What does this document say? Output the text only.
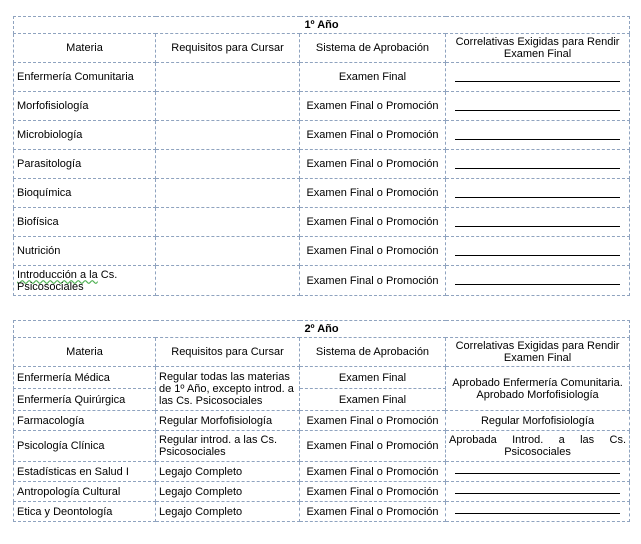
1º Año			
Materia	Requisitos para Cursar	Sistema de Aprobación	Correlativas Exigidas para Rendir Examen Final
Enfermería Comunitaria		Examen Final	

Morfofisiología		Examen Final o Promoción	

Microbiología		Examen Final o Promoción	

Parasitología		Examen Final o Promoción	

Bioquímica		Examen Final o Promoción	

Biofísica		Examen Final o Promoción	

Nutrición		Examen Final o Promoción	

Introducción a la Cs. Psicosociales		Examen Final o Promoción	
2º Año			
Materia	Requisitos para Cursar	Sistema de Aprobación	Correlativas Exigidas para Rendir Examen Final
Enfermería Médica	Regular todas las materias de 1º Año, excepto introd. a las Cs. Psicosociales	Examen Final	Aprobado Enfermería Comunitaria. Aprobado Morfofisiología
Enfermería Quirúrgica		Examen Final	
Farmacología	Regular Morfofisiología	Examen Final o Promoción	Regular Morfofisiología
Psicología Clínica	Regular introd. a las Cs. Psicosociales	Examen Final o Promoción	Aprobada Introd. a las Cs. Psicosociales
Estadísticas en Salud I	Legajo Completo	Examen Final o Promoción	

Antropología Cultural	Legajo Completo	Examen Final o Promoción	

Etica y Deontología	Legajo Completo	Examen Final o Promoción	
